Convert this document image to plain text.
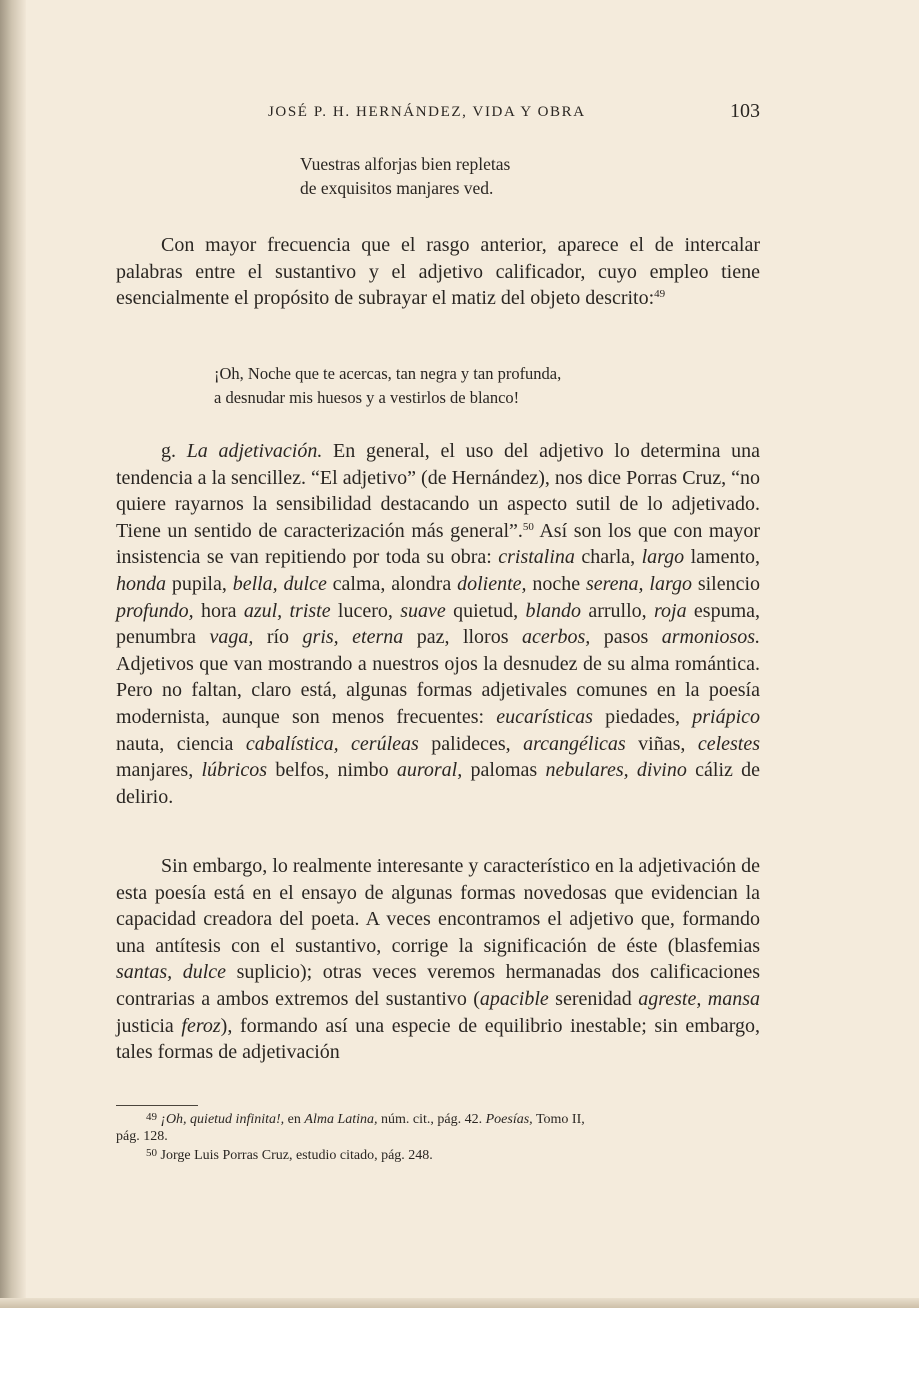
JOSÉ P. H. HERNÁNDEZ, VIDA Y OBRA	103
Vuestras alforjas bien repletas
de exquisitos manjares ved.
Con mayor frecuencia que el rasgo anterior, aparece el de intercalar palabras entre el sustantivo y el adjetivo calificador, cuyo empleo tiene esencialmente el propósito de subrayar el matiz del objeto descrito:$^{49}$
¡Oh, Noche que te acercas, tan negra y tan profunda,
a desnudar mis huesos y a vestirlos de blanco!
g. La adjetivación. En general, el uso del adjetivo lo determina una tendencia a la sencillez. “El adjetivo” (de Hernández), nos dice Porras Cruz, “no quiere rayarnos la sensibilidad destacando un aspecto sutil de lo adjetivado. Tiene un sentido de caracterización más general”.$^{50}$ Así son los que con mayor insistencia se van repitiendo por toda su obra: cristalina charla, largo lamento, honda pupila, bella, dulce calma, alondra doliente, noche serena, largo silencio profundo, hora azul, triste lucero, suave quietud, blando arrullo, roja espuma, penumbra vaga, río gris, eterna paz, lloros acerbos, pasos armoniosos. Adjetivos que van mostrando a nuestros ojos la desnudez de su alma romántica. Pero no faltan, claro está, algunas formas adjetivales comunes en la poesía modernista, aunque son menos frecuentes: eucarísticas piedades, priápico nauta, ciencia cabalística, cerúleas palideces, arcangélicas viñas, celestes manjares, lúbricos belfos, nimbo auroral, palomas nebulares, divino cáliz de delirio.
Sin embargo, lo realmente interesante y característico en la adjetivación de esta poesía está en el ensayo de algunas formas novedosas que evidencian la capacidad creadora del poeta. A veces encontramos el adjetivo que, formando una antítesis con el sustantivo, corrige la significación de éste (blasfemias santas, dulce suplicio); otras veces veremos hermanadas dos calificaciones contrarias a ambos extremos del sustantivo (apacible serenidad agreste, mansa justicia feroz), formando así una especie de equilibrio inestable; sin embargo, tales formas de adjetivación
$^{49}$ ¡Oh, quietud infinita!, en Alma Latina, núm. cit., pág. 42. Poesías, Tomo II,
pág. 128.
$^{50}$ Jorge Luis Porras Cruz, estudio citado, pág. 248.
